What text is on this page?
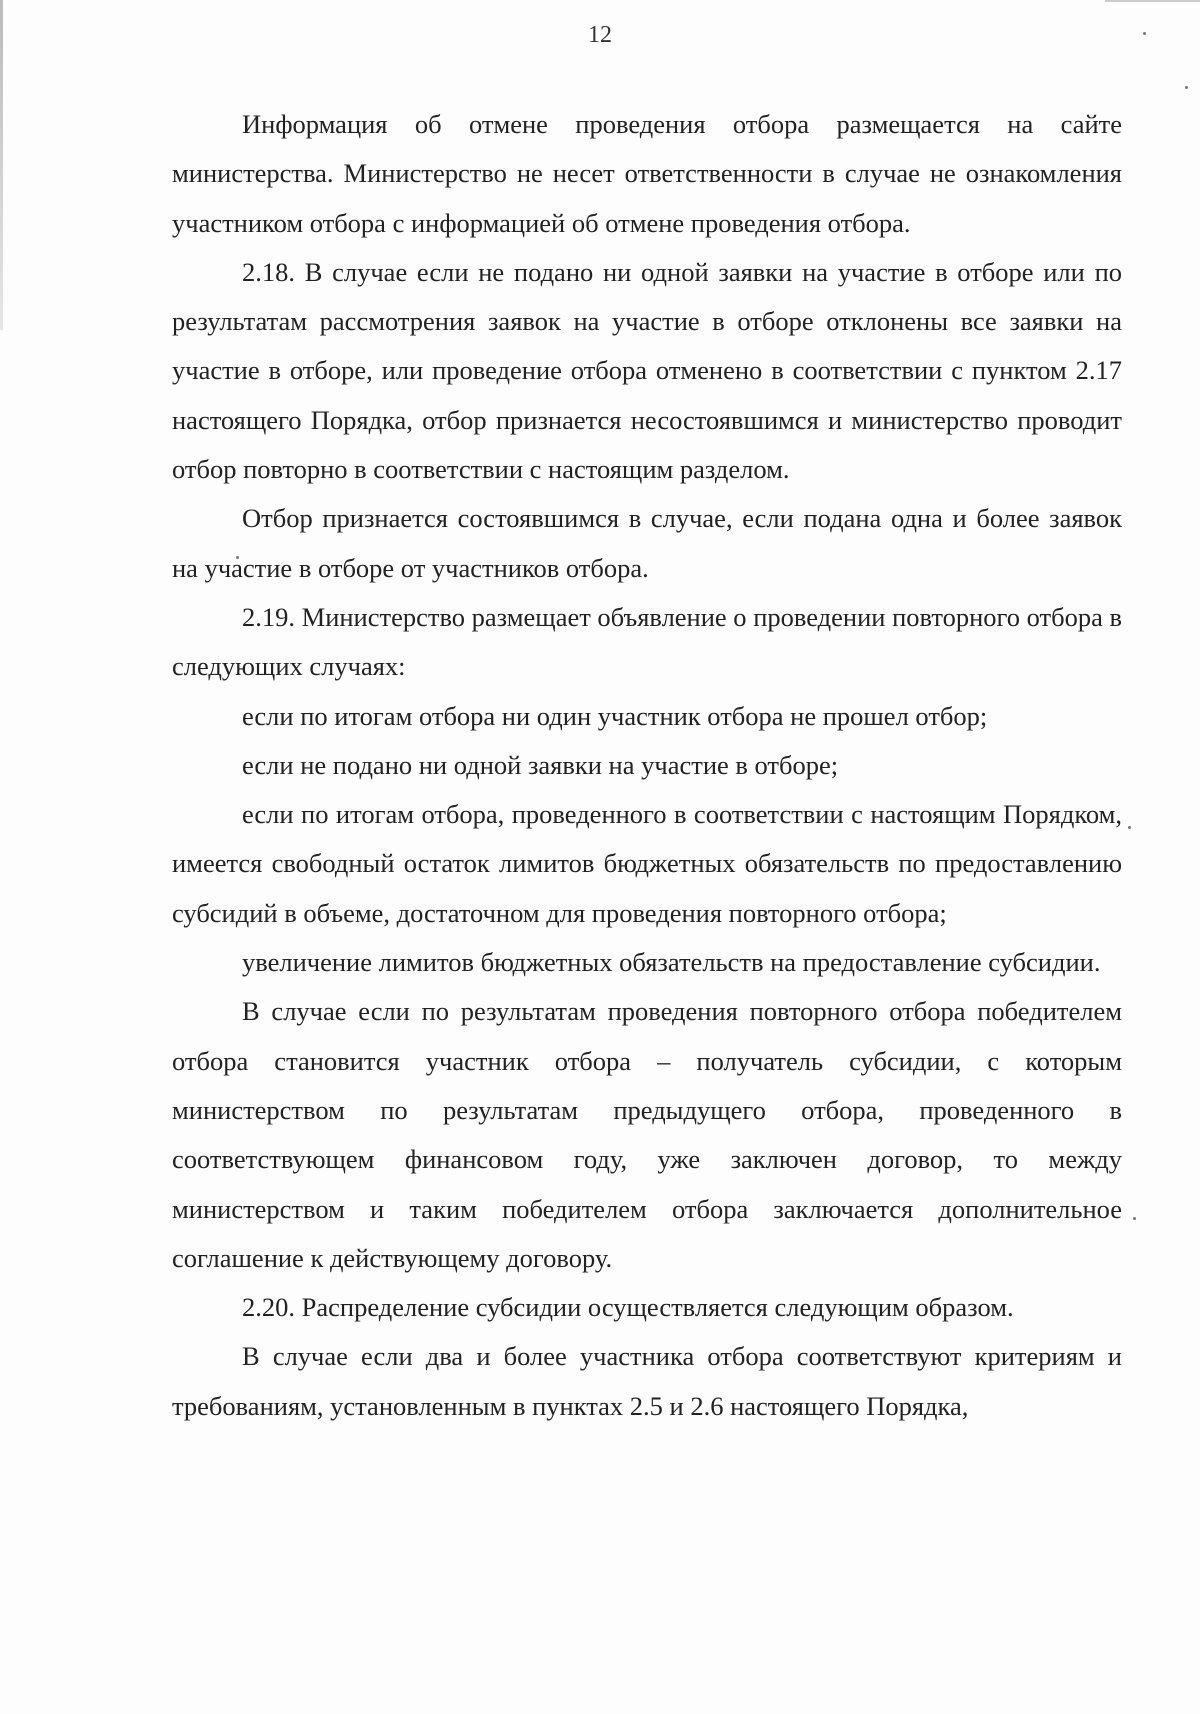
12

Информация об отмене проведения отбора размещается на сайте министерства. Министерство не несет ответственности в случае не ознакомления участником отбора с информацией об отмене проведения отбора.

2.18. В случае если не подано ни одной заявки на участие в отборе или по результатам рассмотрения заявок на участие в отборе отклонены все заявки на участие в отборе, или проведение отбора отменено в соответствии с пунктом 2.17 настоящего Порядка, отбор признается несостоявшимся и министерство проводит отбор повторно в соответствии с настоящим разделом.

Отбор признается состоявшимся в случае, если подана одна и более заявок на участие в отборе от участников отбора.

2.19. Министерство размещает объявление о проведении повторного отбора в следующих случаях:

если по итогам отбора ни один участник отбора не прошел отбор;

если не подано ни одной заявки на участие в отборе;

если по итогам отбора, проведенного в соответствии с настоящим Порядком, имеется свободный остаток лимитов бюджетных обязательств по предоставлению субсидий в объеме, достаточном для проведения повторного отбора;

увеличение лимитов бюджетных обязательств на предоставление субсидии.

В случае если по результатам проведения повторного отбора победителем отбора становится участник отбора – получатель субсидии, с которым министерством по результатам предыдущего отбора, проведенного в соответствующем финансовом году, уже заключен договор, то между министерством и таким победителем отбора заключается дополнительное соглашение к действующему договору.

2.20. Распределение субсидии осуществляется следующим образом.

В случае если два и более участника отбора соответствуют критериям и требованиям, установленным в пунктах 2.5 и 2.6 настоящего Порядка,
